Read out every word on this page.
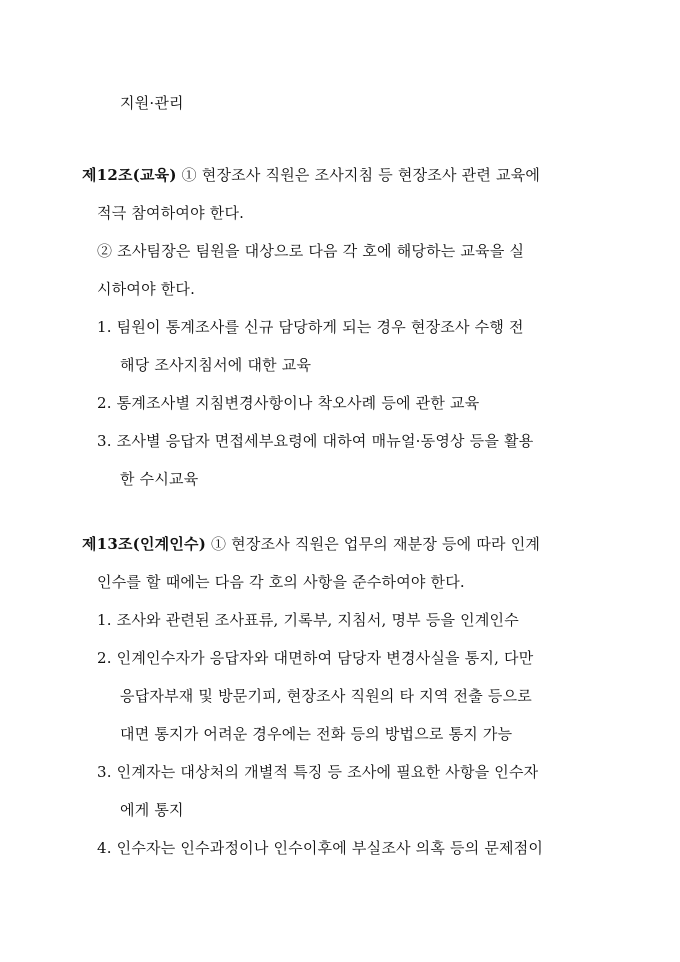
지원·관리
제12조(교육) ① 현장조사 직원은 조사지침 등 현장조사 관련 교육에
적극 참여하여야 한다.
② 조사팀장은 팀원을 대상으로 다음 각 호에 해당하는 교육을 실
시하여야 한다.
1. 팀원이 통계조사를 신규 담당하게 되는 경우 현장조사 수행 전
해당 조사지침서에 대한 교육
2. 통계조사별 지침변경사항이나 착오사례 등에 관한 교육
3. 조사별 응답자 면접세부요령에 대하여 매뉴얼·동영상 등을 활용
한 수시교육
제13조(인계인수) ① 현장조사 직원은 업무의 재분장 등에 따라 인계
인수를 할 때에는 다음 각 호의 사항을 준수하여야 한다.
1. 조사와 관련된 조사표류, 기록부, 지침서, 명부 등을 인계인수
2. 인계인수자가 응답자와 대면하여 담당자 변경사실을 통지, 다만
응답자부재 및 방문기피, 현장조사 직원의 타 지역 전출 등으로
대면 통지가 어려운 경우에는 전화 등의 방법으로 통지 가능
3. 인계자는 대상처의 개별적 특징 등 조사에 필요한 사항을 인수자
에게 통지
4. 인수자는 인수과정이나 인수이후에 부실조사 의혹 등의 문제점이
